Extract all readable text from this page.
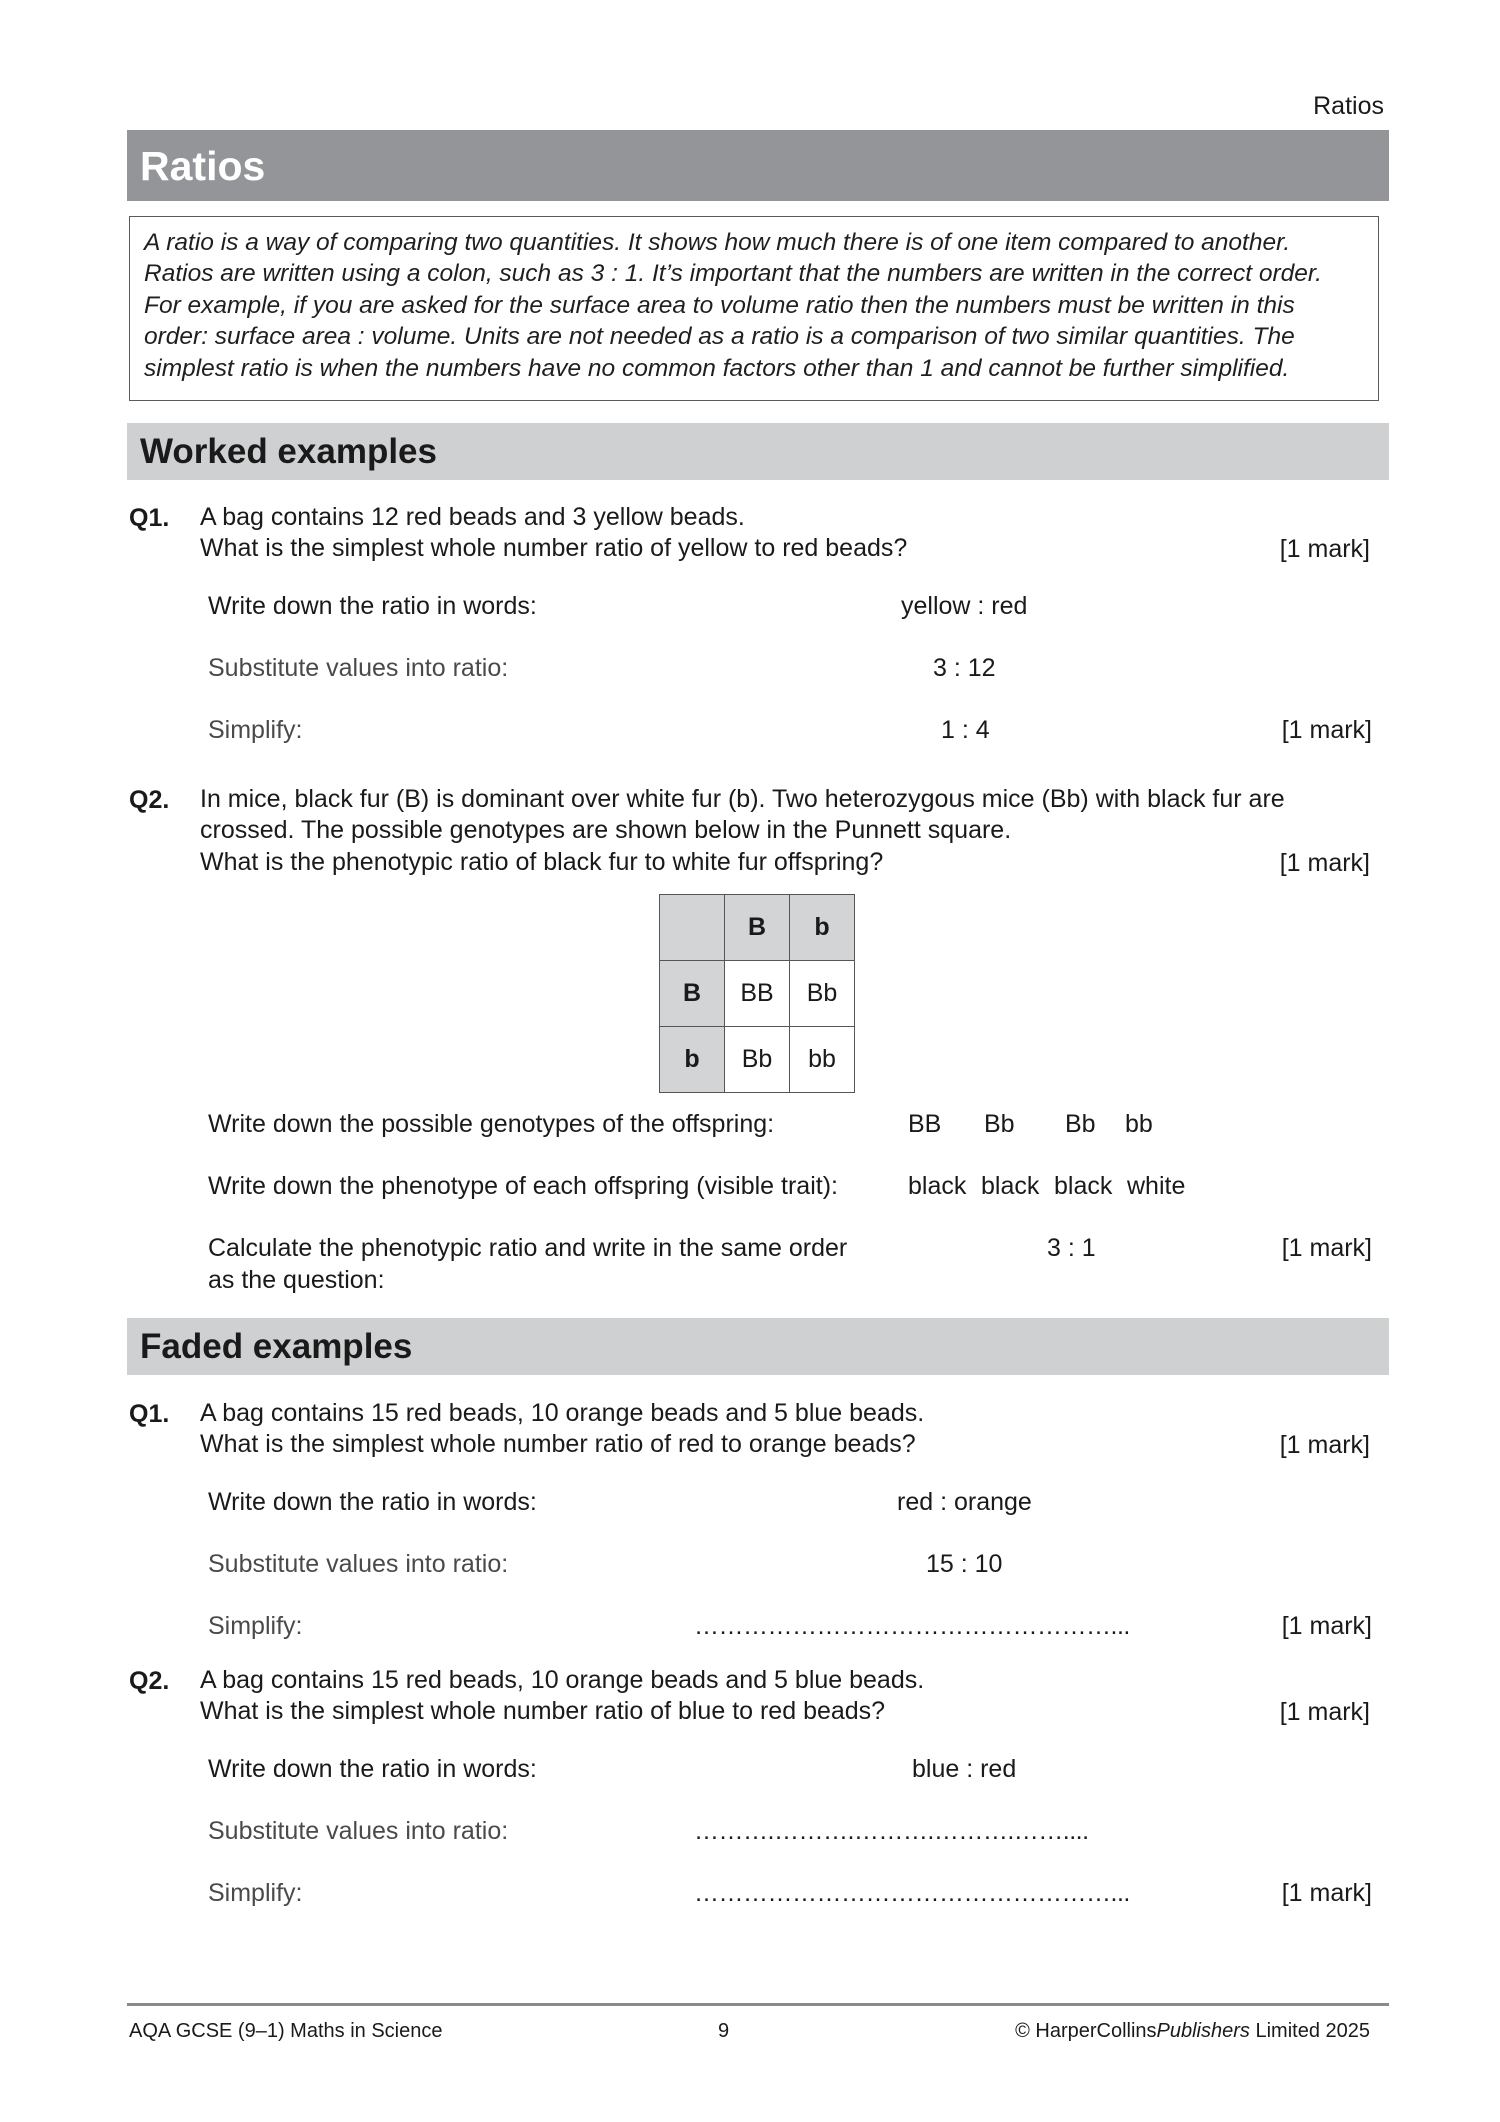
Ratios
Ratios

A ratio is a way of comparing two quantities. It shows how much there is of one item compared to another.

Ratios are written using a colon, such as 3 : 1. It’s important that the numbers are written in the correct order.

For example, if you are asked for the surface area to volume ratio then the numbers must be written in this

order: surface area : volume. Units are not needed as a ratio is a comparison of two similar quantities. The

simplest ratio is when the numbers have no common factors other than 1 and cannot be further simplified.

Worked examples
Q1. A bag contains 12 red beads and 3 yellow beads.
What is the simplest whole number ratio of yellow to red beads?	[1 mark]
Write down the ratio in words:	yellow : red
Substitute values into ratio:	3 : 12
Simplify:	1 : 4	[1 mark]
Q2. In mice, black fur (B) is dominant over white fur (b). Two heterozygous mice (Bb) with black fur are
crossed. The possible genotypes are shown below in the Punnett square.
What is the phenotypic ratio of black fur to white fur offspring?	[1 mark]
	B	b
B	BB	Bb
b	Bb	bb
Write down the possible genotypes of the offspring:	BB Bb Bb bb
Write down the phenotype of each offspring (visible trait):	black black black white
Calculate the phenotypic ratio and write in the same order
as the question:
3 : 1	[1 mark]
Faded examples
Q1. A bag contains 15 red beads, 10 orange beads and 5 blue beads.
What is the simplest whole number ratio of red to orange beads?	[1 mark]
Write down the ratio in words:	red : orange
Substitute values into ratio:	15 : 10
Simplify:	……………………………………………...	[1 mark]
Q2. A bag contains 15 red beads, 10 orange beads and 5 blue beads.
What is the simplest whole number ratio of blue to red beads?	[1 mark]
Write down the ratio in words:	blue : red
Substitute values into ratio:	……….……….……….……….……....
Simplify:	……………………………………………...	[1 mark]
AQA GCSE (9–1) Maths in Science	9	© HarperCollinsPublishers Limited 2025
